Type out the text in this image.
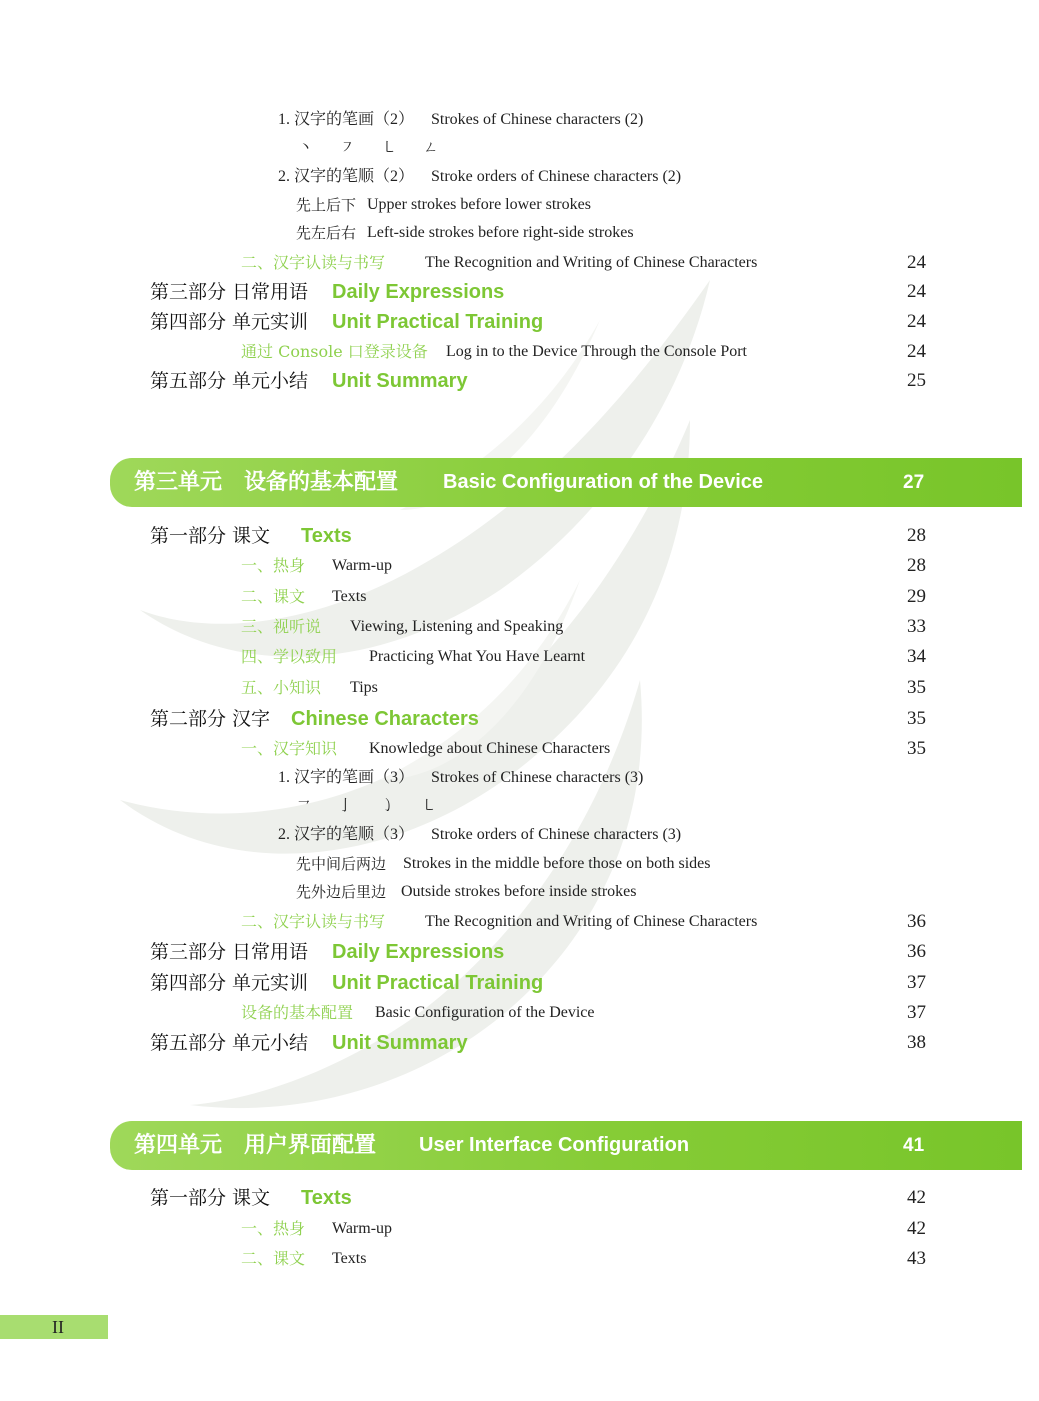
1. 汉字的笔画（2） Strokes of Chinese characters (2)
丶 ㇇ ㇄ ㄥ
2. 汉字的笔顺（2） Stroke orders of Chinese characters (2)
先上后下 Upper strokes before lower strokes
先左后右 Left-side strokes before right-side strokes
二、汉字认读与书写 The Recognition and Writing of Chinese Characters	24
第三部分 日常用语 Daily Expressions	24
第四部分 单元实训 Unit Practical Training	24
通过 Console 口登录设备 Log in to the Device Through the Console Port	24
第五部分 单元小结 Unit Summary	25
第三单元　设备的基本配置 Basic Configuration of the Device	27
第一部分 课文 Texts	28
一、热身 Warm-up	28
二、课文 Texts	29
三、视听说 Viewing, Listening and Speaking	33
四、学以致用 Practicing What You Have Learnt	34
五、小知识 Tips	35
第二部分 汉字 Chinese Characters	35
一、汉字知识 Knowledge about Chinese Characters	35
1. 汉字的笔画（3） Strokes of Chinese characters (3)
㇖ 亅 ㇁ ㇄
2. 汉字的笔顺（3） Stroke orders of Chinese characters (3)
先中间后两边 Strokes in the middle before those on both sides
先外边后里边 Outside strokes before inside strokes
二、汉字认读与书写 The Recognition and Writing of Chinese Characters	36
第三部分 日常用语 Daily Expressions	36
第四部分 单元实训 Unit Practical Training	37
设备的基本配置 Basic Configuration of the Device	37
第五部分 单元小结 Unit Summary	38
第四单元　用户界面配置 User Interface Configuration	41
第一部分 课文 Texts	42
一、热身 Warm-up	42
二、课文 Texts	43
II
